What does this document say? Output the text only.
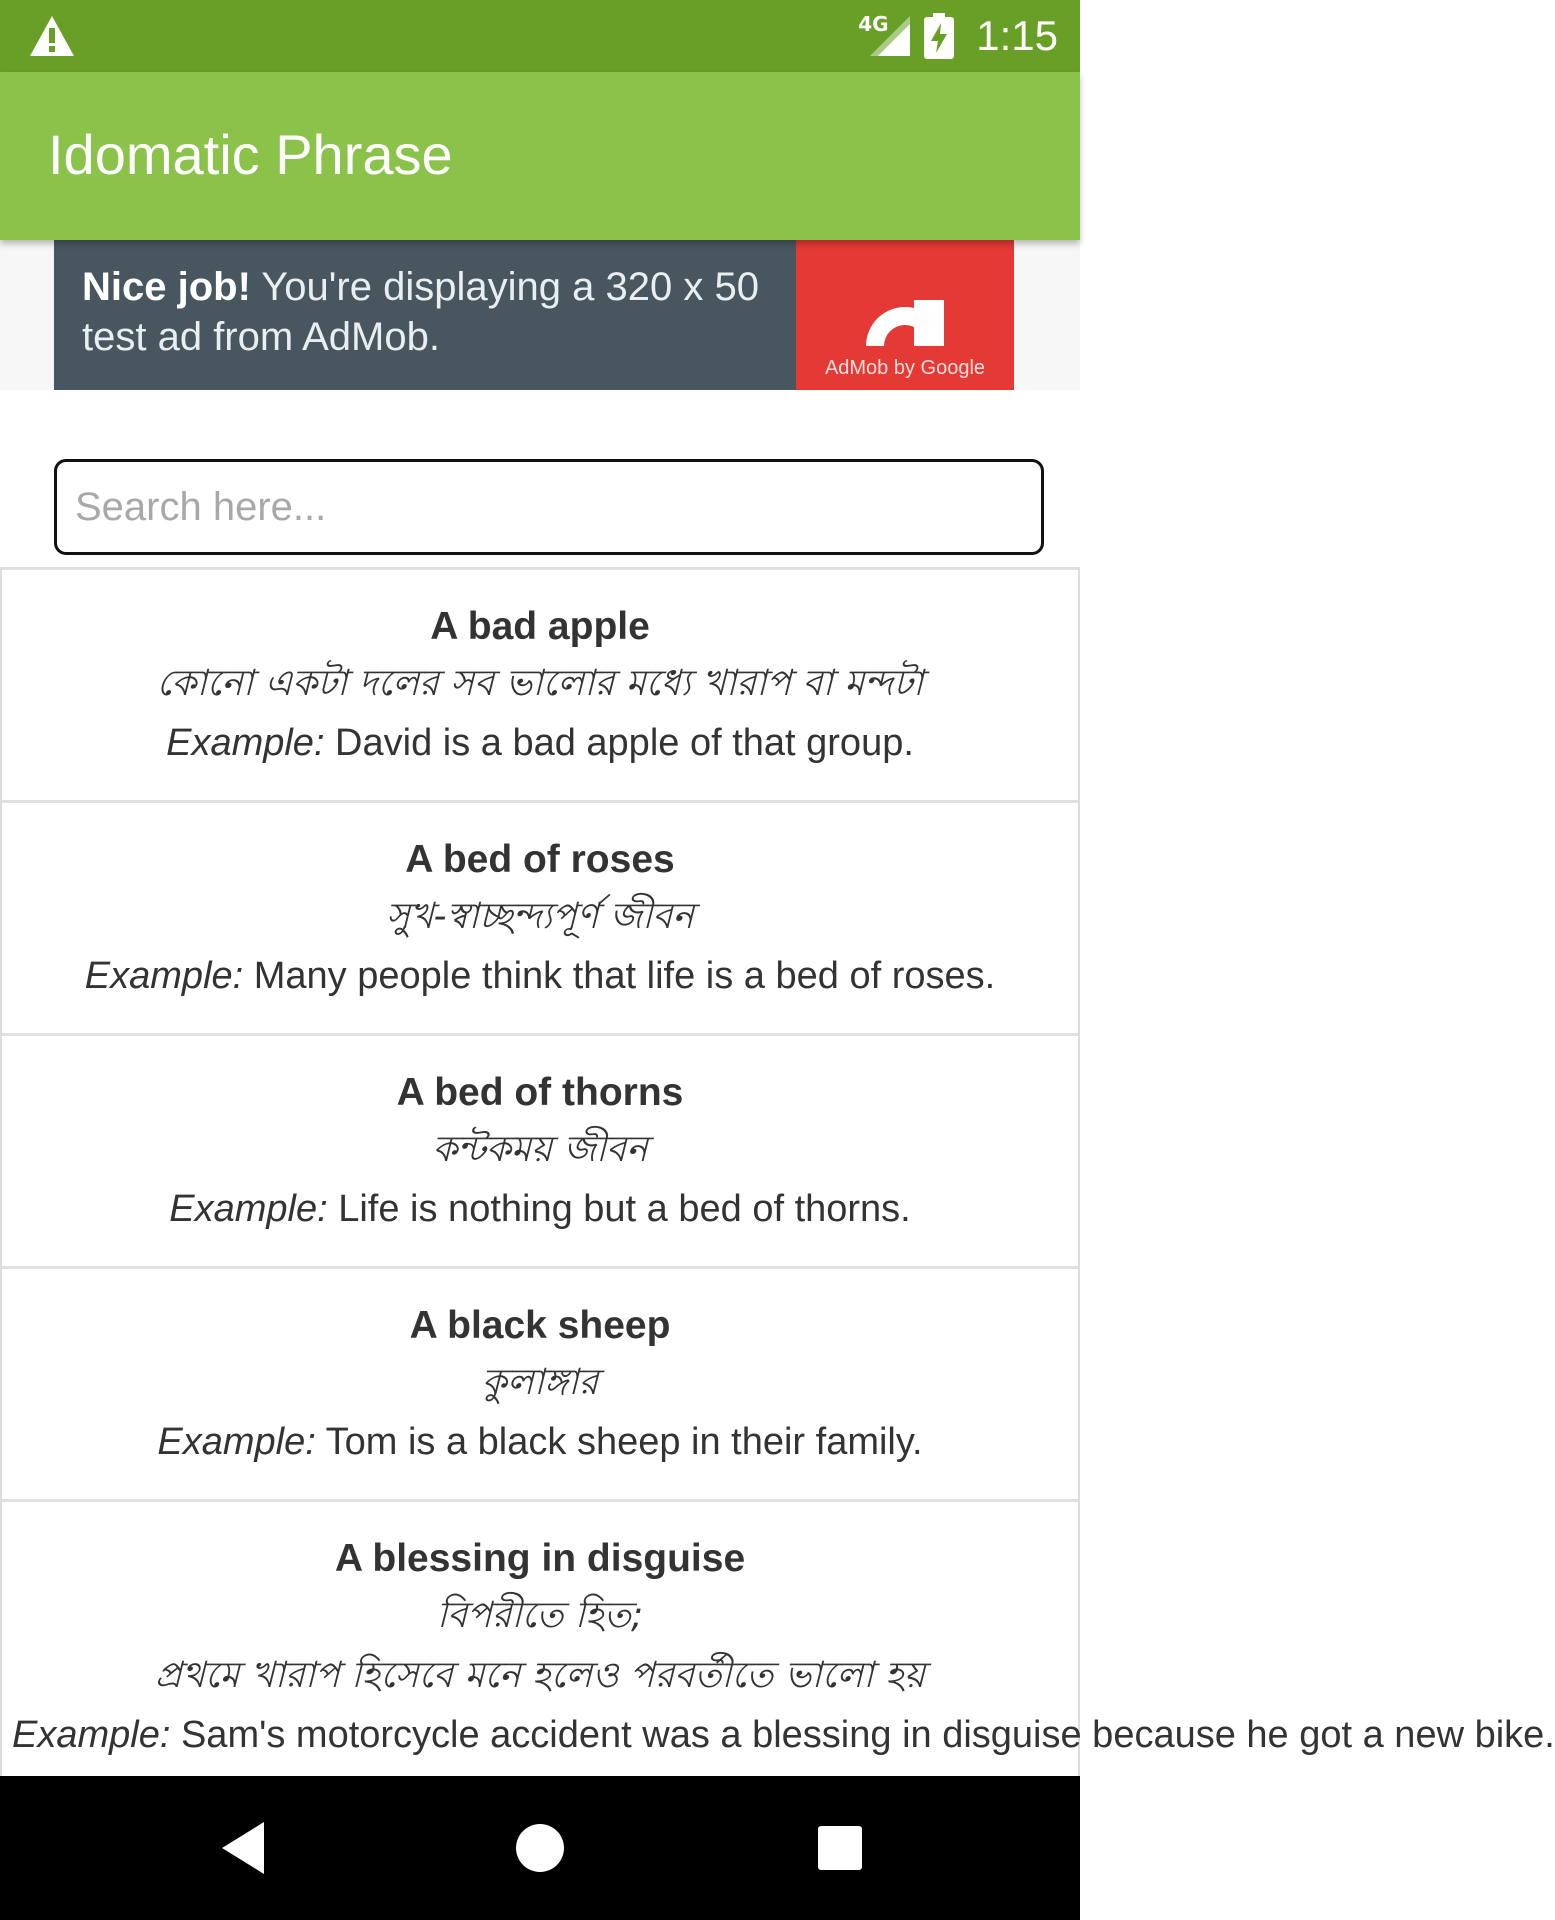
4G 1:15
Idomatic Phrase
Nice job! You're displaying a 320 x 50 test ad from AdMob.
AdMob by Google
Search here...
A bad apple
কোনো একটা দলের সব ভালোর মধ্যে খারাপ বা মন্দটা
Example: David is a bad apple of that group.
A bed of roses
সুখ-স্বাচ্ছন্দ্যপূর্ণ জীবন
Example: Many people think that life is a bed of roses.
A bed of thorns
কন্টকময় জীবন
Example: Life is nothing but a bed of thorns.
A black sheep
কুলাঙ্গার
Example: Tom is a black sheep in their family.
A blessing in disguise
বিপরীতে হিত;
প্রথমে খারাপ হিসেবে মনে হলেও পরবর্তীতে ভালো হয়
Example: Sam's motorcycle accident was a blessing in disguise because he got a new bike.
